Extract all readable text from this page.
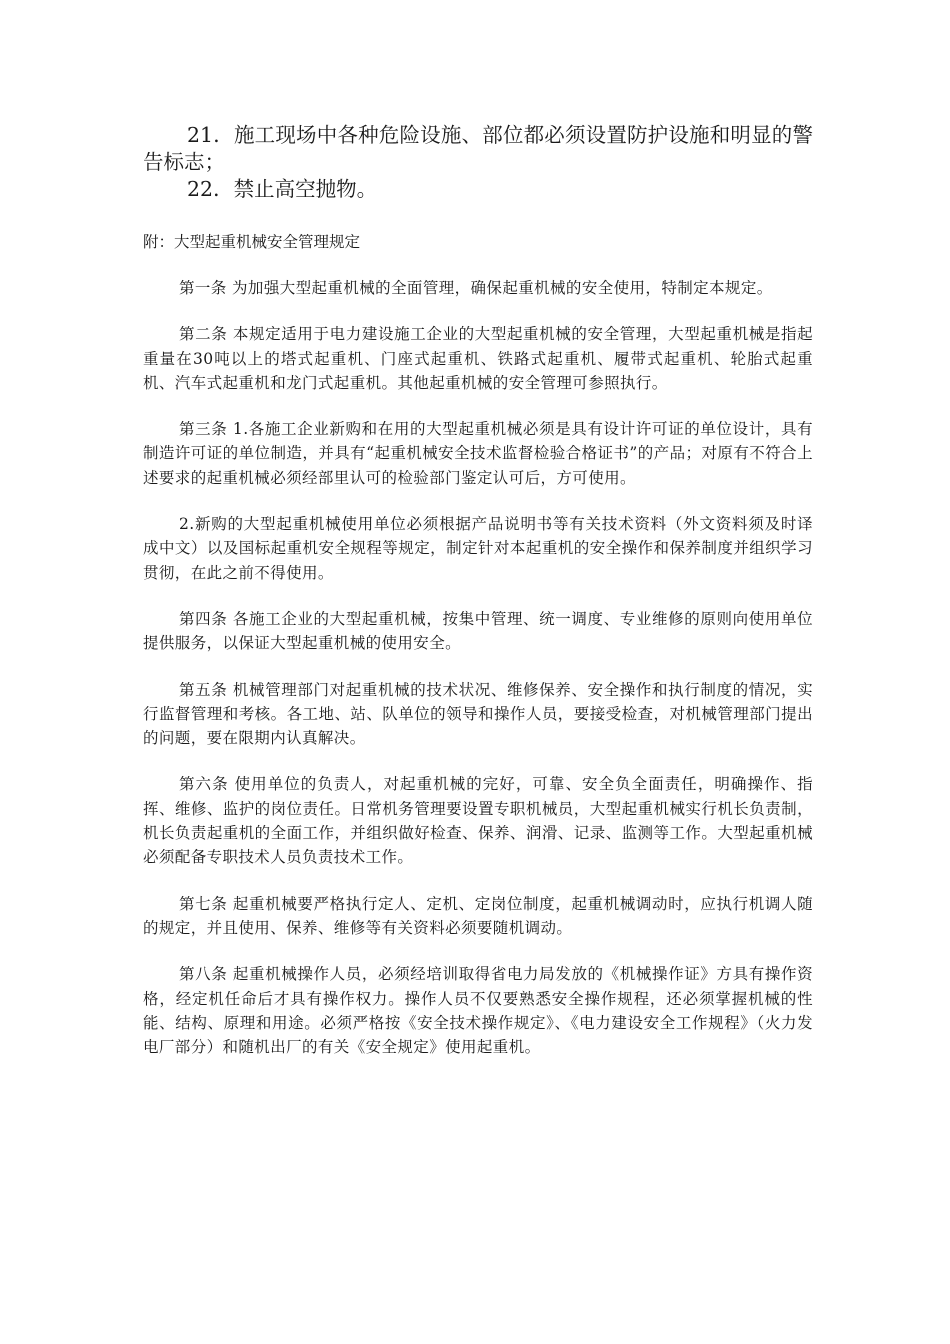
21．施工现场中各种危险设施、部位都必须设置防护设施和明显的警告标志；

22．禁止高空抛物。

附：大型起重机械安全管理规定

第一条 为加强大型起重机械的全面管理，确保起重机械的安全使用，特制定本规定。

第二条 本规定适用于电力建设施工企业的大型起重机械的安全管理，大型起重机械是指起重量在30吨以上的塔式起重机、门座式起重机、铁路式起重机、履带式起重机、轮胎式起重机、汽车式起重机和龙门式起重机。其他起重机械的安全管理可参照执行。

第三条 1.各施工企业新购和在用的大型起重机械必须是具有设计许可证的单位设计，具有制造许可证的单位制造，并具有“起重机械安全技术监督检验合格证书”的产品；对原有不符合上述要求的起重机械必须经部里认可的检验部门鉴定认可后，方可使用。

2.新购的大型起重机械使用单位必须根据产品说明书等有关技术资料（外文资料须及时译成中文）以及国标起重机安全规程等规定，制定针对本起重机的安全操作和保养制度并组织学习贯彻，在此之前不得使用。

第四条 各施工企业的大型起重机械，按集中管理、统一调度、专业维修的原则向使用单位提供服务，以保证大型起重机械的使用安全。

第五条 机械管理部门对起重机械的技术状况、维修保养、安全操作和执行制度的情况，实行监督管理和考核。各工地、站、队单位的领导和操作人员，要接受检查，对机械管理部门提出的问题，要在限期内认真解决。

第六条 使用单位的负责人，对起重机械的完好，可靠、安全负全面责任，明确操作、指挥、维修、监护的岗位责任。日常机务管理要设置专职机械员，大型起重机械实行机长负责制，机长负责起重机的全面工作，并组织做好检查、保养、润滑、记录、监测等工作。大型起重机械必须配备专职技术人员负责技术工作。

第七条 起重机械要严格执行定人、定机、定岗位制度，起重机械调动时，应执行机调人随的规定，并且使用、保养、维修等有关资料必须要随机调动。

第八条 起重机械操作人员，必须经培训取得省电力局发放的《机械操作证》方具有操作资格，经定机任命后才具有操作权力。操作人员不仅要熟悉安全操作规程，还必须掌握机械的性能、结构、原理和用途。必须严格按《安全技术操作规定》、《电力建设安全工作规程》（火力发电厂部分）和随机出厂的有关《安全规定》使用起重机。
